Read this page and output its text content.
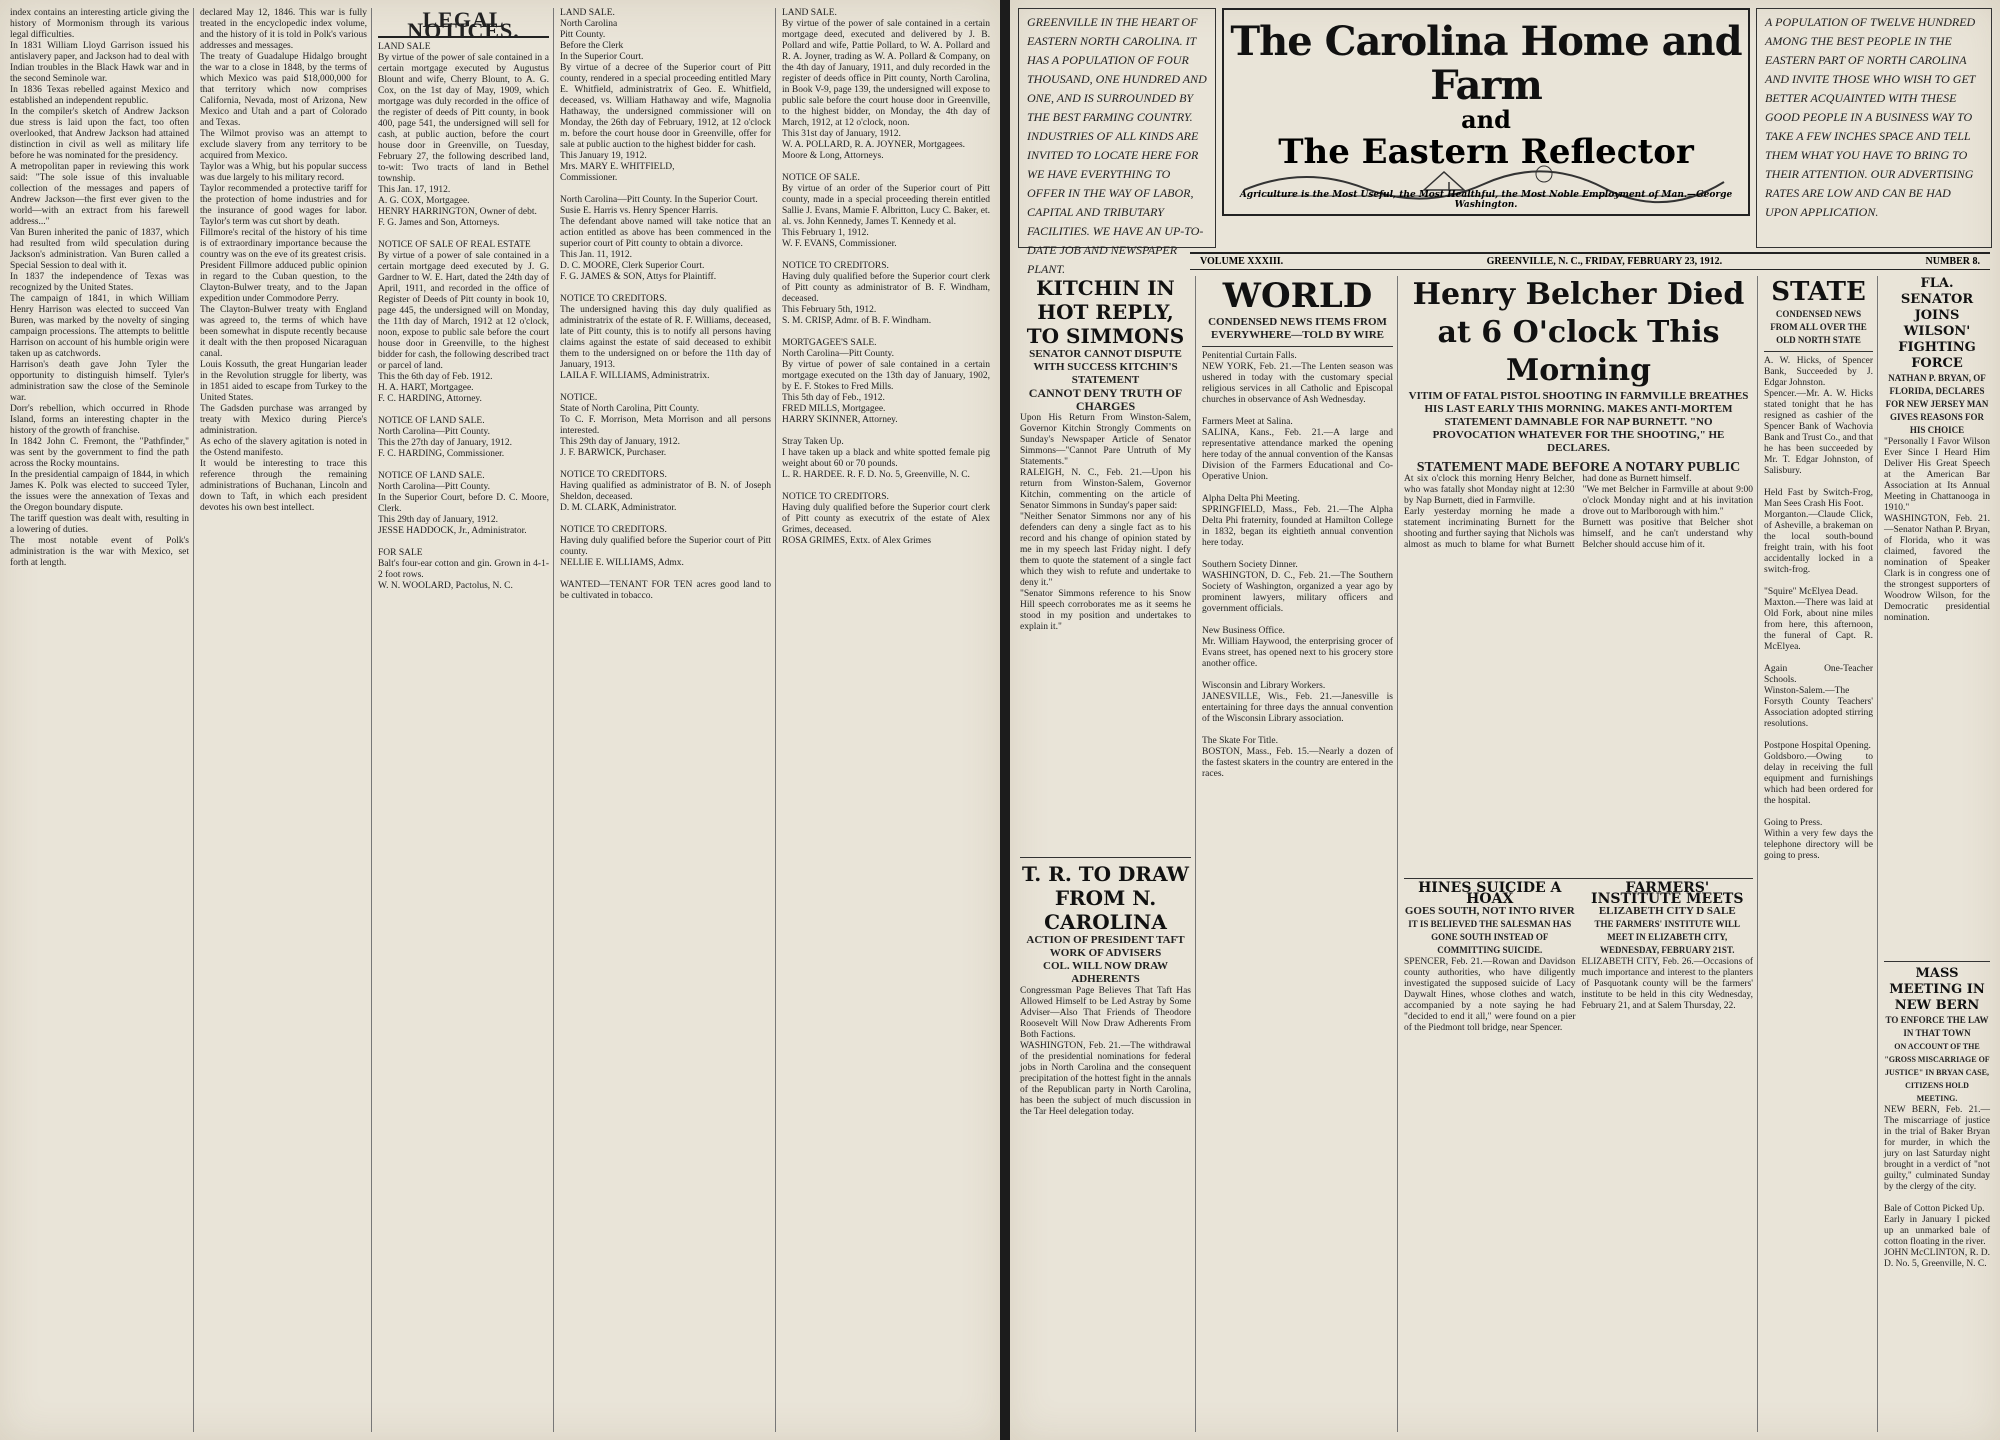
index contains an interesting article giving the history of Mormonism through its various legal difficulties.
In 1831 William Lloyd Garrison issued his antislavery paper, and Jackson had to deal with Indian troubles in the Black Hawk war and in the second Seminole war.
In 1836 Texas rebelled against Mexico and established an independent republic.
In the compiler's sketch of Andrew Jackson due stress is laid upon the fact, too often overlooked, that Andrew Jackson had attained distinction in civil as well as military life before he was nominated for the presidency.
A metropolitan paper in reviewing this work said: "The sole issue of this invaluable collection of the messages and papers of Andrew Jackson—the first ever given to the world—with an extract from his farewell address..."
Van Buren inherited the panic of 1837, which had resulted from wild speculation during Jackson's administration. Van Buren called a Special Session to deal with it.
In 1837 the independence of Texas was recognized by the United States.
The campaign of 1841, in which William Henry Harrison was elected to succeed Van Buren, was marked by the novelty of singing campaign processions. The attempts to belittle Harrison on account of his humble origin were taken up as catchwords.
Harrison's death gave John Tyler the opportunity to distinguish himself. Tyler's administration saw the close of the Seminole war.
Dorr's rebellion, which occurred in Rhode Island, forms an interesting chapter in the history of the growth of franchise.
In 1842 John C. Fremont, the "Pathfinder," was sent by the government to find the path across the Rocky mountains.
In the presidential campaign of 1844, in which James K. Polk was elected to succeed Tyler, the issues were the annexation of Texas and the Oregon boundary dispute.
The tariff question was dealt with, resulting in a lowering of duties.
The most notable event of Polk's administration is the war with Mexico, set forth at length.
declared May 12, 1846. This war is fully treated in the encyclopedic index volume, and the history of it is told in Polk's various addresses and messages.
The treaty of Guadalupe Hidalgo brought the war to a close in 1848, by the terms of which Mexico was paid $18,000,000 for that territory which now comprises California, Nevada, most of Arizona, New Mexico and Utah and a part of Colorado and Texas.
The Wilmot proviso was an attempt to exclude slavery from any territory to be acquired from Mexico.
Taylor was a Whig, but his popular success was due largely to his military record.
Taylor recommended a protective tariff for the protection of home industries and for the insurance of good wages for labor. Taylor's term was cut short by death.
Fillmore's recital of the history of his time is of extraordinary importance because the country was on the eve of its greatest crisis.
President Fillmore adduced public opinion in regard to the Cuban question, to the Clayton-Bulwer treaty, and to the Japan expedition under Commodore Perry.
The Clayton-Bulwer treaty with England was agreed to, the terms of which have been somewhat in dispute recently because it dealt with the then proposed Nicaraguan canal.
Louis Kossuth, the great Hungarian leader in the Revolution struggle for liberty, was in 1851 aided to escape from Turkey to the United States.
The Gadsden purchase was arranged by treaty with Mexico during Pierce's administration.
As echo of the slavery agitation is noted in the Ostend manifesto.
It would be interesting to trace this reference through the remaining administrations of Buchanan, Lincoln and down to Taft, in which each president devotes his own best intellect.
LEGAL NOTICES.
LAND SALE
By virtue of the power of sale contained in a certain mortgage executed by Augustus Blount and wife, Cherry Blount, to A. G. Cox, on the 1st day of May, 1909, which mortgage was duly recorded in the office of the register of deeds of Pitt county, in book 400, page 541, the undersigned will sell for cash, at public auction, before the court house door in Greenville, on Tuesday, February 27, the following described land, to-wit: Two tracts of land in Bethel township.
This Jan. 17, 1912.
A. G. COX, Mortgagee.
HENRY HARRINGTON, Owner of debt.
F. G. James and Son, Attorneys.

NOTICE OF SALE OF REAL ESTATE
By virtue of a power of sale contained in a certain mortgage deed executed by J. G. Gardner to W. E. Hart, dated the 24th day of April, 1911, and recorded in the office of Register of Deeds of Pitt county in book 10, page 445, the undersigned will on Monday, the 11th day of March, 1912 at 12 o'clock, noon, expose to public sale before the court house door in Greenville, to the highest bidder for cash, the following described tract or parcel of land.
This the 6th day of Feb. 1912.
H. A. HART, Mortgagee.
F. C. HARDING, Attorney.

NOTICE OF LAND SALE.
North Carolina—Pitt County.
This the 27th day of January, 1912.
F. C. HARDING, Commissioner.

NOTICE OF LAND SALE.
North Carolina—Pitt County.
In the Superior Court, before D. C. Moore, Clerk.
This 29th day of January, 1912.
JESSE HADDOCK, Jr., Administrator.

FOR SALE
Balt's four-ear cotton and gin. Grown in 4-1-2 foot rows.
W. N. WOOLARD, Pactolus, N. C.
LAND SALE.
North Carolina
Pitt County.
Before the Clerk
In the Superior Court.
By virtue of a decree of the Superior court of Pitt county, rendered in a special proceeding entitled Mary E. Whitfield, administratrix of Geo. E. Whitfield, deceased, vs. William Hathaway and wife, Magnolia Hathaway, the undersigned commissioner will on Monday, the 26th day of February, 1912, at 12 o'clock m. before the court house door in Greenville, offer for sale at public auction to the highest bidder for cash.
This January 19, 1912.
Mrs. MARY E. WHITFIELD,
Commissioner.

North Carolina—Pitt County. In the Superior Court.
Susie E. Harris vs. Henry Spencer Harris.
The defendant above named will take notice that an action entitled as above has been commenced in the superior court of Pitt county to obtain a divorce.
This Jan. 11, 1912.
D. C. MOORE, Clerk Superior Court.
F. G. JAMES & SON, Attys for Plaintiff.

NOTICE TO CREDITORS.
The undersigned having this day duly qualified as administratrix of the estate of R. F. Williams, deceased, late of Pitt county, this is to notify all persons having claims against the estate of said deceased to exhibit them to the undersigned on or before the 11th day of January, 1913.
LAILA F. WILLIAMS, Administratrix.

NOTICE.
State of North Carolina, Pitt County.
To C. F. Morrison, Meta Morrison and all persons interested.
This 29th day of January, 1912.
J. F. BARWICK, Purchaser.

NOTICE TO CREDITORS.
Having qualified as administrator of B. N. of Joseph Sheldon, deceased.
D. M. CLARK, Administrator.

NOTICE TO CREDITORS.
Having duly qualified before the Superior court of Pitt county.
NELLIE E. WILLIAMS, Admx.

WANTED—TENANT FOR TEN acres good land to be cultivated in tobacco.
LAND SALE.
By virtue of the power of sale contained in a certain mortgage deed, executed and delivered by J. B. Pollard and wife, Pattie Pollard, to W. A. Pollard and R. A. Joyner, trading as W. A. Pollard & Company, on the 4th day of January, 1911, and duly recorded in the register of deeds office in Pitt county, North Carolina, in Book V-9, page 139, the undersigned will expose to public sale before the court house door in Greenville, to the highest bidder, on Monday, the 4th day of March, 1912, at 12 o'clock, noon.
This 31st day of January, 1912.
W. A. POLLARD, R. A. JOYNER, Mortgagees.
Moore & Long, Attorneys.

NOTICE OF SALE.
By virtue of an order of the Superior court of Pitt county, made in a special proceeding therein entitled Sallie J. Evans, Mamie F. Albritton, Lucy C. Baker, et. al. vs. John Kennedy, James T. Kennedy et al.
This February 1, 1912.
W. F. EVANS, Commissioner.

NOTICE TO CREDITORS.
Having duly qualified before the Superior court clerk of Pitt county as administrator of B. F. Windham, deceased.
This February 5th, 1912.
S. M. CRISP, Admr. of B. F. Windham.

MORTGAGEE'S SALE.
North Carolina—Pitt County.
By virtue of power of sale contained in a certain mortgage executed on the 13th day of January, 1902, by E. F. Stokes to Fred Mills.
This 5th day of Feb., 1912.
FRED MILLS, Mortgagee.
HARRY SKINNER, Attorney.

Stray Taken Up.
I have taken up a black and white spotted female pig weight about 60 or 70 pounds.
L. R. HARDEE. R. F. D. No. 5, Greenville, N. C.

NOTICE TO CREDITORS.
Having duly qualified before the Superior court clerk of Pitt county as executrix of the estate of Alex Grimes, deceased.
ROSA GRIMES, Extx. of Alex Grimes
GREENVILLE IN THE HEART OF EASTERN NORTH CAROLINA. IT HAS A POPULATION OF FOUR THOUSAND, ONE HUNDRED AND ONE, AND IS SURROUNDED BY THE BEST FARMING COUNTRY. INDUSTRIES OF ALL KINDS ARE INVITED TO LOCATE HERE FOR WE HAVE EVERYTHING TO OFFER IN THE WAY OF LABOR, CAPITAL AND TRIBUTARY FACILITIES. WE HAVE AN UP-TO-DATE JOB AND NEWSPAPER PLANT.
The Carolina Home and Farm
and
The Eastern Reflector
Agriculture is the Most Useful, the Most Healthful, the Most Noble Employment of Man.—George Washington.
A POPULATION OF TWELVE HUNDRED AMONG THE BEST PEOPLE IN THE EASTERN PART OF NORTH CAROLINA AND INVITE THOSE WHO WISH TO GET BETTER ACQUAINTED WITH THESE GOOD PEOPLE IN A BUSINESS WAY TO TAKE A FEW INCHES SPACE AND TELL THEM WHAT YOU HAVE TO BRING TO THEIR ATTENTION. OUR ADVERTISING RATES ARE LOW AND CAN BE HAD UPON APPLICATION.
VOLUME XXXIII.	GREENVILLE, N. C., FRIDAY, FEBRUARY 23, 1912.	NUMBER 8.
KITCHIN IN HOT REPLY, TO SIMMONS
SENATOR CANNOT DISPUTE WITH SUCCESS KITCHIN'S STATEMENT
CANNOT DENY TRUTH OF CHARGES
Upon His Return From Winston-Salem, Governor Kitchin Strongly Comments on Sunday's Newspaper Article of Senator Simmons—"Cannot Pare Untruth of My Statements."
RALEIGH, N. C., Feb. 21.—Upon his return from Winston-Salem, Governor Kitchin, commenting on the article of Senator Simmons in Sunday's paper said:
"Neither Senator Simmons nor any of his defenders can deny a single fact as to his record and his change of opinion stated by me in my speech last Friday night. I defy them to quote the statement of a single fact which they wish to refute and undertake to deny it."
"Senator Simmons reference to his Snow Hill speech corroborates me as it seems he stood in my position and undertakes to explain it."
T. R. TO DRAW FROM N. CAROLINA
ACTION OF PRESIDENT TAFT WORK OF ADVISERS
COL. WILL NOW DRAW ADHERENTS
Congressman Page Believes That Taft Has Allowed Himself to be Led Astray by Some Adviser—Also That Friends of Theodore Roosevelt Will Now Draw Adherents From Both Factions.
WASHINGTON, Feb. 21.—The withdrawal of the presidential nominations for federal jobs in North Carolina and the consequent precipitation of the hottest fight in the annals of the Republican party in North Carolina, has been the subject of much discussion in the Tar Heel delegation today.
WORLD
CONDENSED NEWS ITEMS FROM EVERYWHERE—TOLD BY WIRE
Penitential Curtain Falls.
NEW YORK, Feb. 21.—The Lenten season was ushered in today with the customary special religious services in all Catholic and Episcopal churches in observance of Ash Wednesday.

Farmers Meet at Salina.
SALINA, Kans., Feb. 21.—A large and representative attendance marked the opening here today of the annual convention of the Kansas Division of the Farmers Educational and Co-Operative Union.

Alpha Delta Phi Meeting.
SPRINGFIELD, Mass., Feb. 21.—The Alpha Delta Phi fraternity, founded at Hamilton College in 1832, began its eightieth annual convention here today.

Southern Society Dinner.
WASHINGTON, D. C., Feb. 21.—The Southern Society of Washington, organized a year ago by prominent lawyers, military officers and government officials.

New Business Office.
Mr. William Haywood, the enterprising grocer of Evans street, has opened next to his grocery store another office.

Wisconsin and Library Workers.
JANESVILLE, Wis., Feb. 21.—Janesville is entertaining for three days the annual convention of the Wisconsin Library association.

The Skate For Title.
BOSTON, Mass., Feb. 15.—Nearly a dozen of the fastest skaters in the country are entered in the races.
Henry Belcher Died at 6 O'clock This Morning
VITIM OF FATAL PISTOL SHOOTING IN FARMVILLE BREATHES HIS LAST EARLY THIS MORNING. MAKES ANTI-MORTEM STATEMENT DAMNABLE FOR NAP BURNETT. "NO PROVOCATION WHATEVER FOR THE SHOOTING," HE DECLARES.
STATEMENT MADE BEFORE A NOTARY PUBLIC
At six o'clock this morning Henry Belcher, who was fatally shot Monday night at 12:30 by Nap Burnett, died in Farmville.
Early yesterday morning he made a statement incriminating Burnett for the shooting and further saying that Nichols was almost as much to blame for what Burnett had done as Burnett himself.
"We met Belcher in Farmville at about 9:00 o'clock Monday night and at his invitation drove out to Marlborough with him."
Burnett was positive that Belcher shot himself, and he can't understand why Belcher should accuse him of it.
HINES SUICIDE A HOAX
GOES SOUTH, NOT INTO RIVER
IT IS BELIEVED THE SALESMAN HAS GONE SOUTH INSTEAD OF COMMITTING SUICIDE.
SPENCER, Feb. 21.—Rowan and Davidson county authorities, who have diligently investigated the supposed suicide of Lacy Daywalt Hines, whose clothes and watch, accompanied by a note saying he had "decided to end it all," were found on a pier of the Piedmont toll bridge, near Spencer.
FARMERS' INSTITUTE MEETS
ELIZABETH CITY D SALE
THE FARMERS' INSTITUTE WILL MEET IN ELIZABETH CITY, WEDNESDAY, FEBRUARY 21ST.
ELIZABETH CITY, Feb. 26.—Occasions of much importance and interest to the planters of Pasquotank county will be the farmers' institute to be held in this city Wednesday, February 21, and at Salem Thursday, 22.
STATE
CONDENSED NEWS FROM ALL OVER THE OLD NORTH STATE
A. W. Hicks, of Spencer Bank, Succeeded by J. Edgar Johnston.
Spencer.—Mr. A. W. Hicks stated tonight that he has resigned as cashier of the Spencer Bank of Wachovia Bank and Trust Co., and that he has been succeeded by Mr. T. Edgar Johnston, of Salisbury.

Held Fast by Switch-Frog, Man Sees Crash His Foot.
Morganton.—Claude Click, of Asheville, a brakeman on the local south-bound freight train, with his foot accidentally locked in a switch-frog.

"Squire" McElyea Dead.
Maxton.—There was laid at Old Fork, about nine miles from here, this afternoon, the funeral of Capt. R. McElyea.

Again One-Teacher Schools.
Winston-Salem.—The Forsyth County Teachers' Association adopted stirring resolutions.

Postpone Hospital Opening.
Goldsboro.—Owing to delay in receiving the full equipment and furnishings which had been ordered for the hospital.

Going to Press.
Within a very few days the telephone directory will be going to press.
FLA. SENATOR JOINS WILSON' FIGHTING FORCE
NATHAN P. BRYAN, OF FLORIDA, DECLARES FOR NEW JERSEY MAN
GIVES REASONS FOR HIS CHOICE
"Personally I Favor Wilson Ever Since I Heard Him Deliver His Great Speech at the American Bar Association at Its Annual Meeting in Chattanooga in 1910."
WASHINGTON, Feb. 21.—Senator Nathan P. Bryan, of Florida, who it was claimed, favored the nomination of Speaker Clark is in congress one of the strongest supporters of Woodrow Wilson, for the Democratic presidential nomination.
MASS MEETING IN NEW BERN
TO ENFORCE THE LAW IN THAT TOWN
ON ACCOUNT OF THE "GROSS MISCARRIAGE OF JUSTICE" IN BRYAN CASE, CITIZENS HOLD MEETING.
NEW BERN, Feb. 21.—The miscarriage of justice in the trial of Baker Bryan for murder, in which the jury on last Saturday night brought in a verdict of "not guilty," culminated Sunday by the clergy of the city.

Bale of Cotton Picked Up.
Early in January I picked up an unmarked bale of cotton floating in the river.
JOHN McCLINTON, R. D. D. No. 5, Greenville, N. C.
